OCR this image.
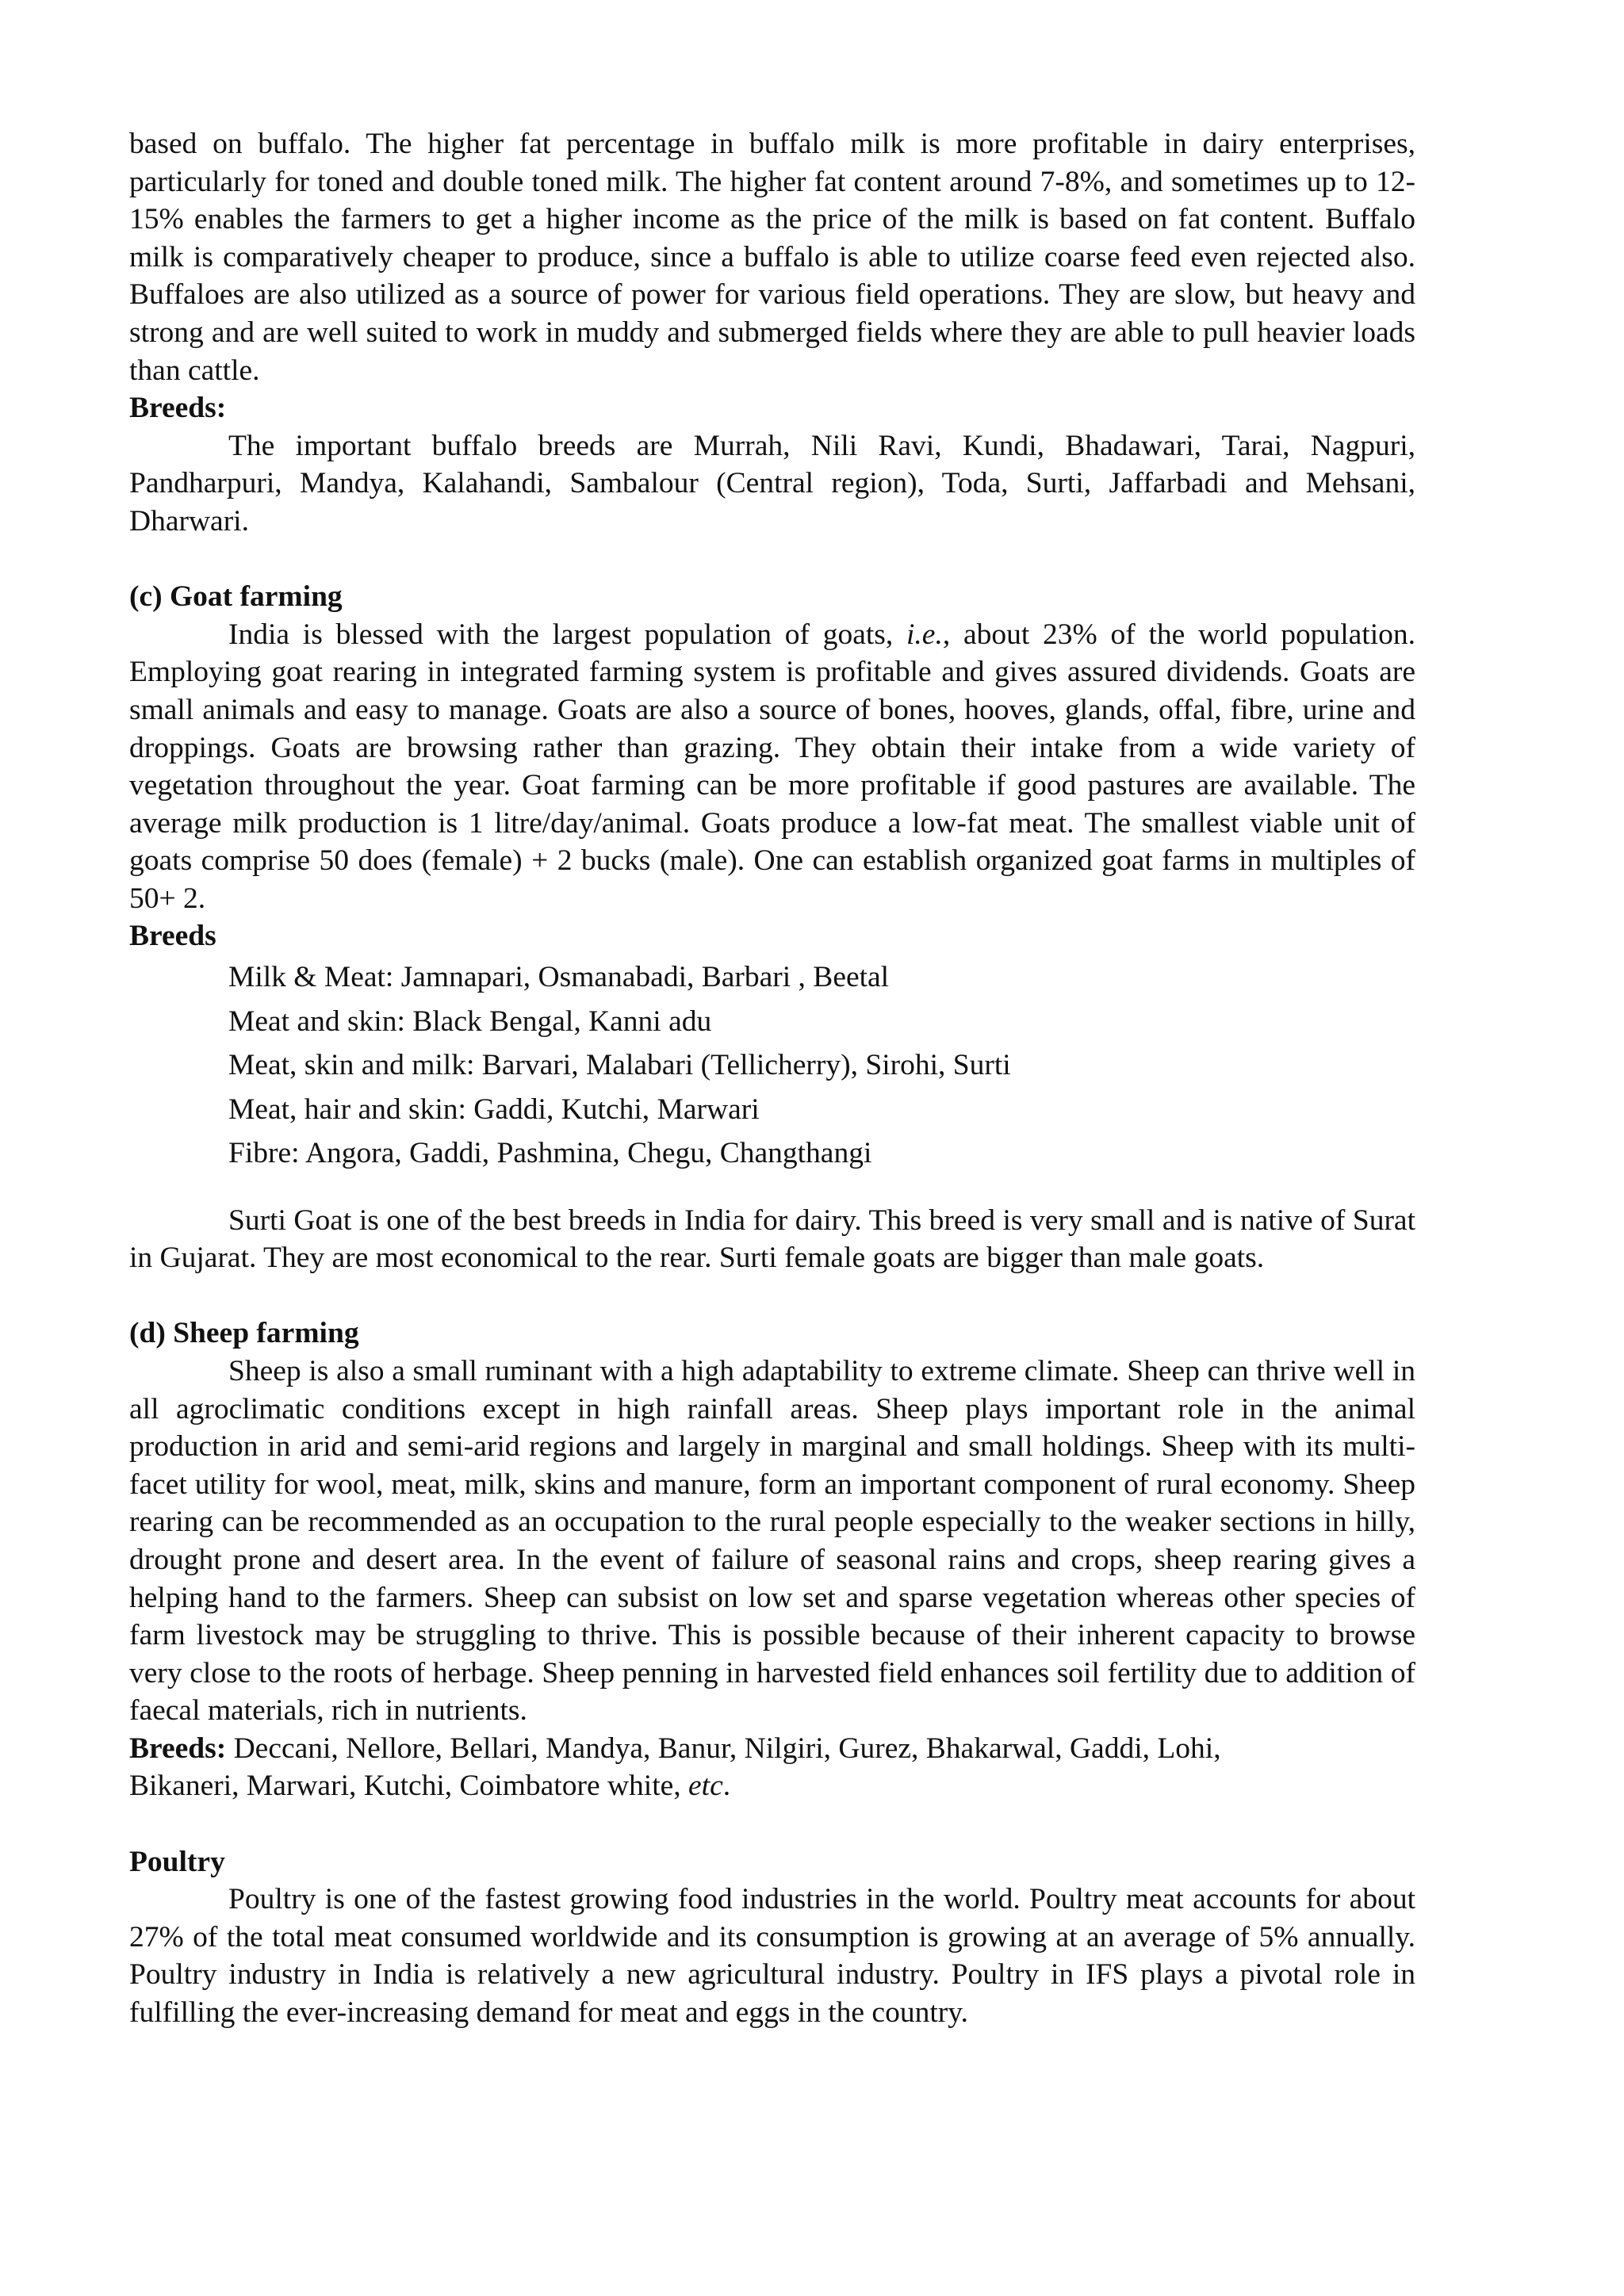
based on buffalo. The higher fat percentage in buffalo milk is more profitable in dairy enterprises, particularly for toned and double toned milk. The higher fat content around 7-8%, and sometimes up to 12-15% enables the farmers to get a higher income as the price of the milk is based on fat content. Buffalo milk is comparatively cheaper to produce, since a buffalo is able to utilize coarse feed even rejected also. Buffaloes are also utilized as a source of power for various field operations. They are slow, but heavy and strong and are well suited to work in muddy and submerged fields where they are able to pull heavier loads than cattle.

Breeds:

The important buffalo breeds are Murrah, Nili Ravi, Kundi, Bhadawari, Tarai, Nagpuri, Pandharpuri, Mandya, Kalahandi, Sambalour (Central region), Toda, Surti, Jaffarbadi and Mehsani, Dharwari.

(c) Goat farming

India is blessed with the largest population of goats, i.e., about 23% of the world population. Employing goat rearing in integrated farming system is profitable and gives assured dividends. Goats are small animals and easy to manage. Goats are also a source of bones, hooves, glands, offal, fibre, urine and droppings. Goats are browsing rather than grazing. They obtain their intake from a wide variety of vegetation throughout the year. Goat farming can be more profitable if good pastures are available. The average milk production is 1 litre/day/animal. Goats produce a low-fat meat. The smallest viable unit of goats comprise 50 does (female) + 2 bucks (male). One can establish organized goat farms in multiples of 50+ 2.

Breeds

Milk & Meat: Jamnapari, Osmanabadi, Barbari , Beetal
Meat and skin: Black Bengal, Kanni adu
Meat, skin and milk: Barvari, Malabari (Tellicherry), Sirohi, Surti
Meat, hair and skin: Gaddi, Kutchi, Marwari
Fibre: Angora, Gaddi, Pashmina, Chegu, Changthangi

Surti Goat is one of the best breeds in India for dairy. This breed is very small and is native of Surat in Gujarat. They are most economical to the rear. Surti female goats are bigger than male goats.

(d) Sheep farming

Sheep is also a small ruminant with a high adaptability to extreme climate. Sheep can thrive well in all agroclimatic conditions except in high rainfall areas. Sheep plays important role in the animal production in arid and semi-arid regions and largely in marginal and small holdings. Sheep with its multi-facet utility for wool, meat, milk, skins and manure, form an important component of rural economy. Sheep rearing can be recommended as an occupation to the rural people especially to the weaker sections in hilly, drought prone and desert area. In the event of failure of seasonal rains and crops, sheep rearing gives a helping hand to the farmers. Sheep can subsist on low set and sparse vegetation whereas other species of farm livestock may be struggling to thrive. This is possible because of their inherent capacity to browse very close to the roots of herbage. Sheep penning in harvested field enhances soil fertility due to addition of faecal materials, rich in nutrients.

Breeds: Deccani, Nellore, Bellari, Mandya, Banur, Nilgiri, Gurez, Bhakarwal, Gaddi, Lohi,
Bikaneri, Marwari, Kutchi, Coimbatore white, etc.

Poultry

Poultry is one of the fastest growing food industries in the world. Poultry meat accounts for about 27% of the total meat consumed worldwide and its consumption is growing at an average of 5% annually. Poultry industry in India is relatively a new agricultural industry. Poultry in IFS plays a pivotal role in fulfilling the ever-increasing demand for meat and eggs in the country.
